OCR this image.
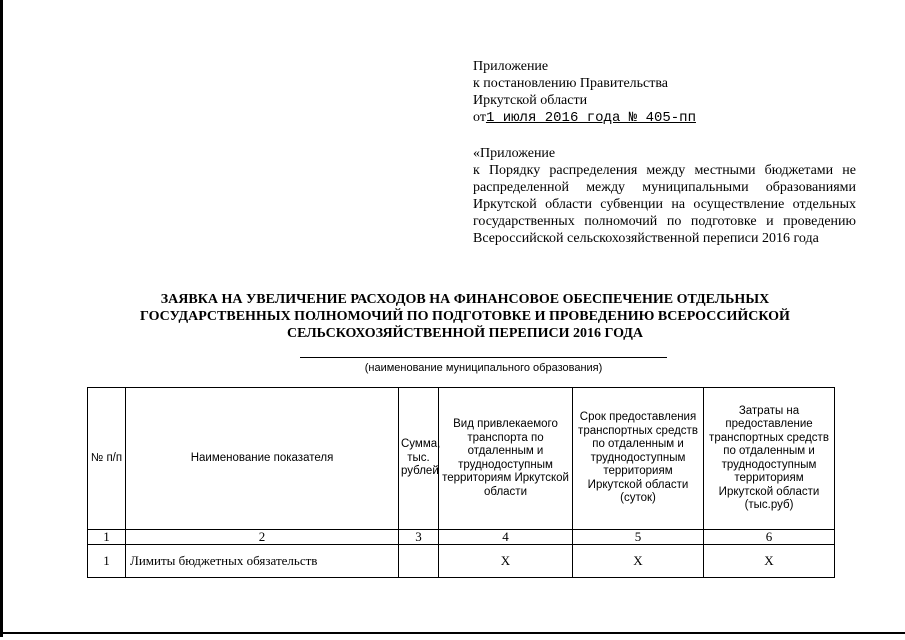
Приложение
к постановлению Правительства
Иркутской области
от1 июля 2016 года № 405-пп
«Приложение
к Порядку распределения между местными бюджетами не распределенной между муниципальными образованиями Иркутской области субвенции на осуществление отдельных государственных полномочий по подготовке и проведению Всероссийской сельскохозяйственной переписи 2016 года
ЗАЯВКА НА УВЕЛИЧЕНИЕ РАСХОДОВ НА ФИНАНСОВОЕ ОБЕСПЕЧЕНИЕ ОТДЕЛЬНЫХ
ГОСУДАРСТВЕННЫХ ПОЛНОМОЧИЙ ПО ПОДГОТОВКЕ И ПРОВЕДЕНИЮ ВСЕРОССИЙСКОЙ
СЕЛЬСКОХОЗЯЙСТВЕННОЙ ПЕРЕПИСИ 2016 ГОДА
(наименование муниципального образования)
№ п/п	Наименование показателя	Сумма, тыс. рублей	Вид привлекаемого транспорта по отдаленным и труднодоступным территориям Иркутской области	Срок предоставления транспортных средств по отдаленным и труднодоступным территориям Иркутской области (суток)	Затраты на предоставление транспортных средств по отдаленным и труднодоступным территориям Иркутской области (тыс.руб)
1	2	3	4	5	6
1	Лимиты бюджетных обязательств		Х	Х	Х
